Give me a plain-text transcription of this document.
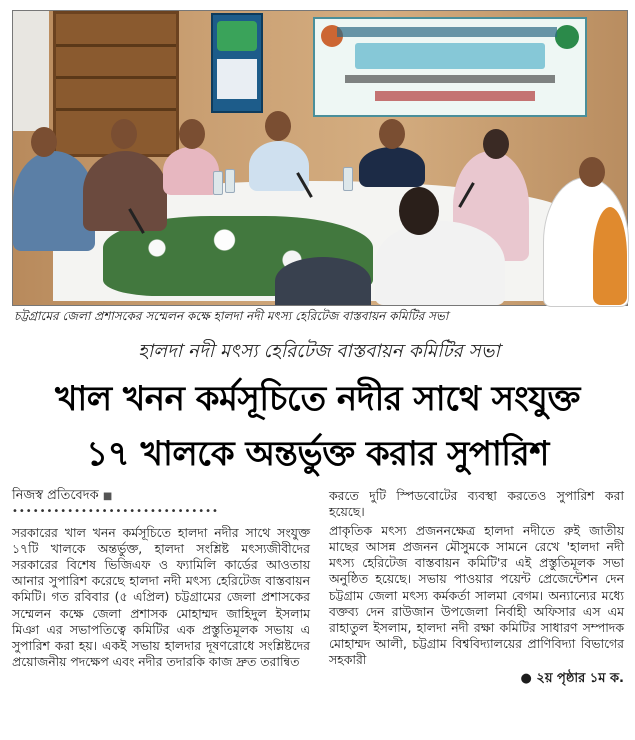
চট্টগ্রামের জেলা প্রশাসকের সম্মেলন কক্ষে হালদা নদী মৎস্য হেরিটেজ বাস্তবায়ন কমিটির সভা
হালদা নদী মৎস্য হেরিটেজ বাস্তবায়ন কমিটির সভা
খাল খনন কর্মসূচিতে নদীর সাথে সংযুক্ত
১৭ খালকে অন্তর্ভুক্ত করার সুপারিশ
নিজস্ব প্রতিবেদক ■
••••••••••••••••••••••••••••••

সরকারের খাল খনন কর্মসূচিতে হালদা নদীর সাথে সংযুক্ত ১৭টি খালকে অন্তর্ভুক্ত, হালদা সংশ্লিষ্ট মৎস্যজীবীদের সরকারের বিশেষ ভিজিএফ ও ফ্যামিলি কার্ডের আওতায় আনার সুপারিশ করেছে হালদা নদী মৎস্য হেরিটেজ বাস্তবায়ন কমিটি। গত রবিবার (৫ এপ্রিল) চট্টগ্রামের জেলা প্রশাসকের সম্মেলন কক্ষে জেলা প্রশাসক মোহাম্মদ জাহিদুল ইসলাম মিঞা এর সভাপতিত্বে কমিটির এক প্রস্তুতিমূলক সভায় এ সুপারিশ করা হয়। একই সভায় হালদার দূষণরোধে সংশ্লিষ্টদের প্রয়োজনীয় পদক্ষেপ এবং নদীর তদারকি কাজ দ্রুত তরান্বিত

করতে দুটি স্পিডবোটের ব্যবস্থা করতেও সুপারিশ করা হয়েছে।

প্রাকৃতিক মৎস্য প্রজননক্ষেত্র হালদা নদীতে রুই জাতীয় মাছের আসন্ন প্রজনন মৌসুমকে সামনে রেখে 'হালদা নদী মৎস্য হেরিটেজ বাস্তবায়ন কমিটি'র এই প্রস্তুতিমূলক সভা অনুষ্ঠিত হয়েছে। সভায় পাওয়ার পয়েন্ট প্রেজেন্টেশন দেন চট্টগ্রাম জেলা মৎস্য কর্মকর্তা সালমা বেগম। অন্যান্যের মধ্যে বক্তব্য দেন রাউজান উপজেলা নির্বাহী অফিসার এস এম রাহাতুল ইসলাম, হালদা নদী রক্ষা কমিটির সাধারণ সম্পাদক মোহাম্মদ আলী, চট্টগ্রাম বিশ্ববিদ্যালয়ের প্রাণিবিদ্যা বিভাগের সহকারী

● ২য় পৃষ্ঠার ১ম ক.
